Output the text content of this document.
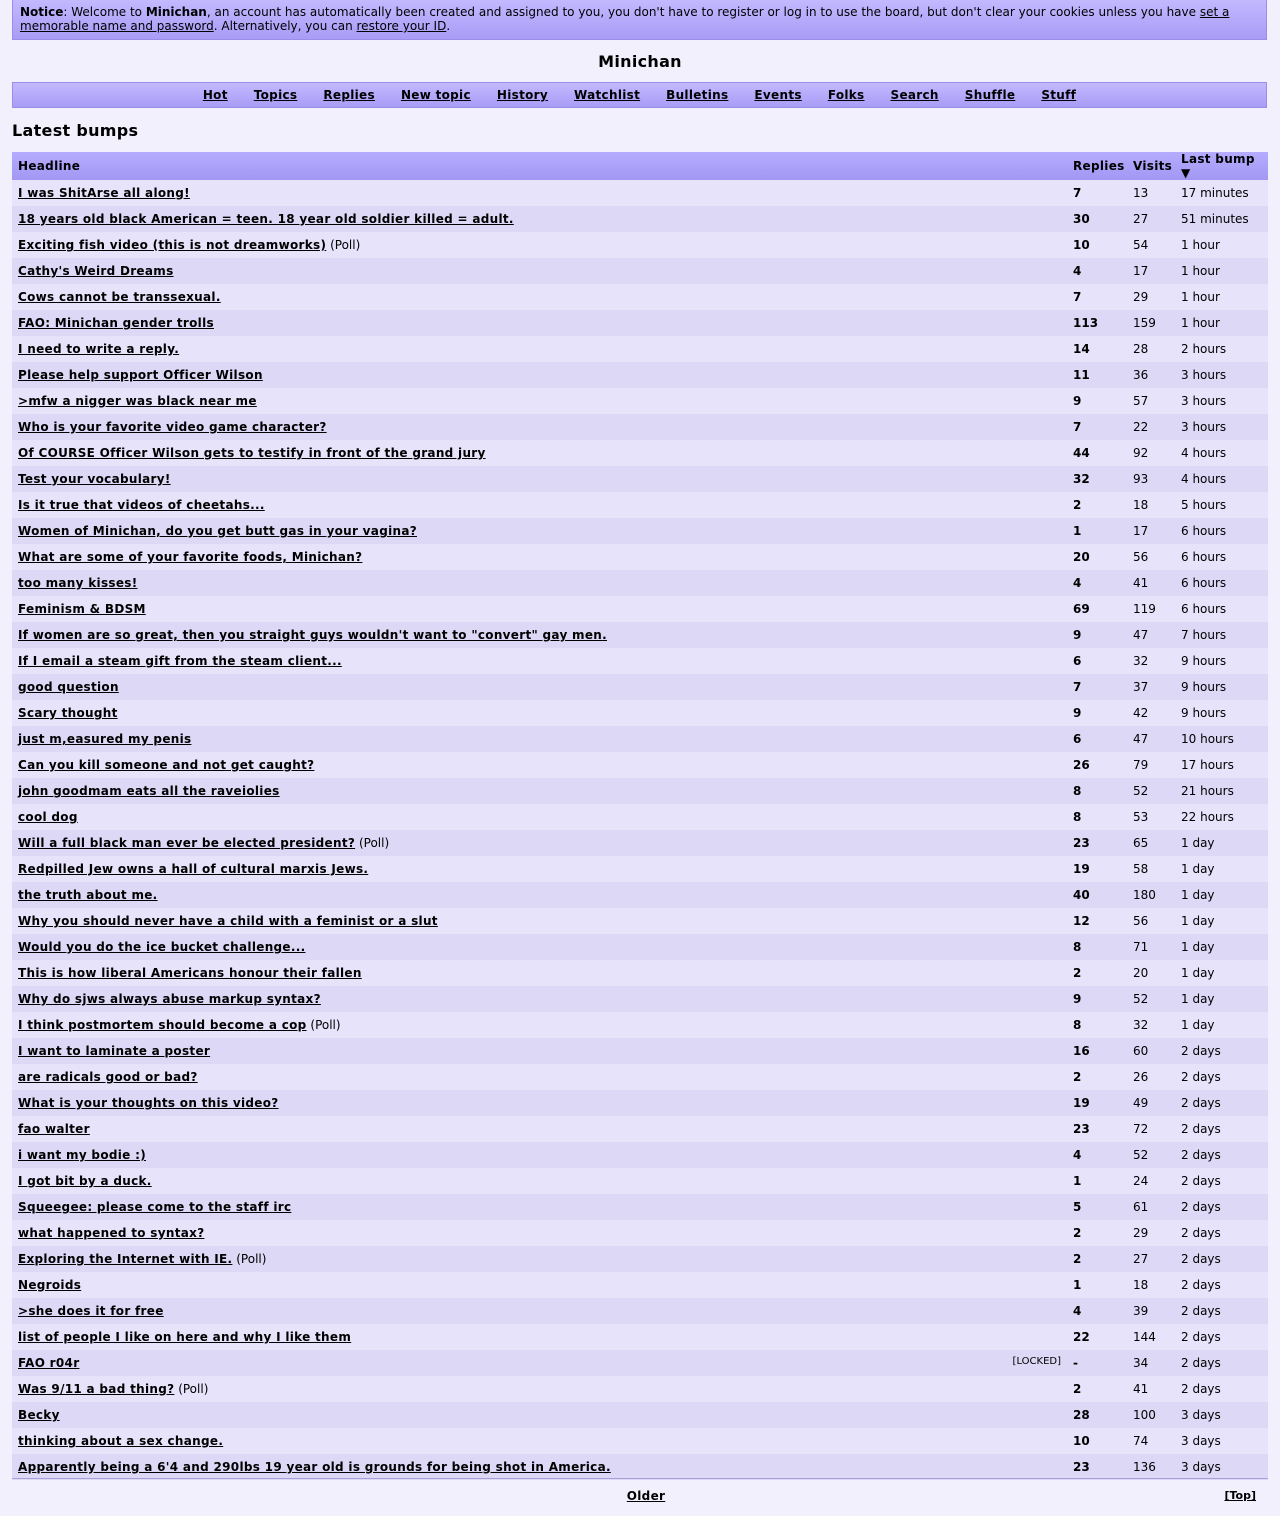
Notice: Welcome to Minichan, an account has automatically been created and assigned to you, you don't have to register or log in to use the board, but don't clear your cookies unless you have set a memorable name and password. Alternatively, you can restore your ID.
Minichan
Hot Topics Replies New topic History Watchlist Bulletins Events Folks Search Shuffle Stuff
Latest bumps
Headline	Replies	Visits	Last bump ▼
I was ShitArse all along!	7	13	17 minutes
18 years old black American = teen. 18 year old soldier killed = adult.	30	27	51 minutes
Exciting fish video (this is not dreamworks) (Poll)	10	54	1 hour
Cathy's Weird Dreams	4	17	1 hour
Cows cannot be transsexual.	7	29	1 hour
FAO: Minichan gender trolls	113	159	1 hour
I need to write a reply.	14	28	2 hours
Please help support Officer Wilson	11	36	3 hours
>mfw a nigger was black near me	9	57	3 hours
Who is your favorite video game character?	7	22	3 hours
Of COURSE Officer Wilson gets to testify in front of the grand jury	44	92	4 hours
Test your vocabulary!	32	93	4 hours
Is it true that videos of cheetahs...	2	18	5 hours
Women of Minichan, do you get butt gas in your vagina?	1	17	6 hours
What are some of your favorite foods, Minichan?	20	56	6 hours
too many kisses!	4	41	6 hours
Feminism & BDSM	69	119	6 hours
If women are so great, then you straight guys wouldn't want to "convert" gay men.	9	47	7 hours
If I email a steam gift from the steam client...	6	32	9 hours
good question	7	37	9 hours
Scary thought	9	42	9 hours
just m,easured my penis	6	47	10 hours
Can you kill someone and not get caught?	26	79	17 hours
john goodmam eats all the raveiolies	8	52	21 hours
cool dog	8	53	22 hours
Will a full black man ever be elected president? (Poll)	23	65	1 day
Redpilled Jew owns a hall of cultural marxis Jews.	19	58	1 day
the truth about me.	40	180	1 day
Why you should never have a child with a feminist or a slut	12	56	1 day
Would you do the ice bucket challenge...	8	71	1 day
This is how liberal Americans honour their fallen	2	20	1 day
Why do sjws always abuse markup syntax?	9	52	1 day
I think postmortem should become a cop (Poll)	8	32	1 day
I want to laminate a poster	16	60	2 days
are radicals good or bad?	2	26	2 days
What is your thoughts on this video?	19	49	2 days
fao walter	23	72	2 days
i want my bodie :)	4	52	2 days
I got bit by a duck.	1	24	2 days
Squeegee: please come to the staff irc	5	61	2 days
what happened to syntax?	2	29	2 days
Exploring the Internet with IE. (Poll)	2	27	2 days
Negroids	1	18	2 days
>she does it for free	4	39	2 days
list of people I like on here and why I like them	22	144	2 days

[LOCKED]
FAO r04r	-	34	2 days
Was 9/11 a bad thing? (Poll)	2	41	2 days
Becky	28	100	3 days
thinking about a sex change.	10	74	3 days
Apparently being a 6'4 and 290lbs 19 year old is grounds for being shot in America.	23	136	3 days
Older	[Top]
